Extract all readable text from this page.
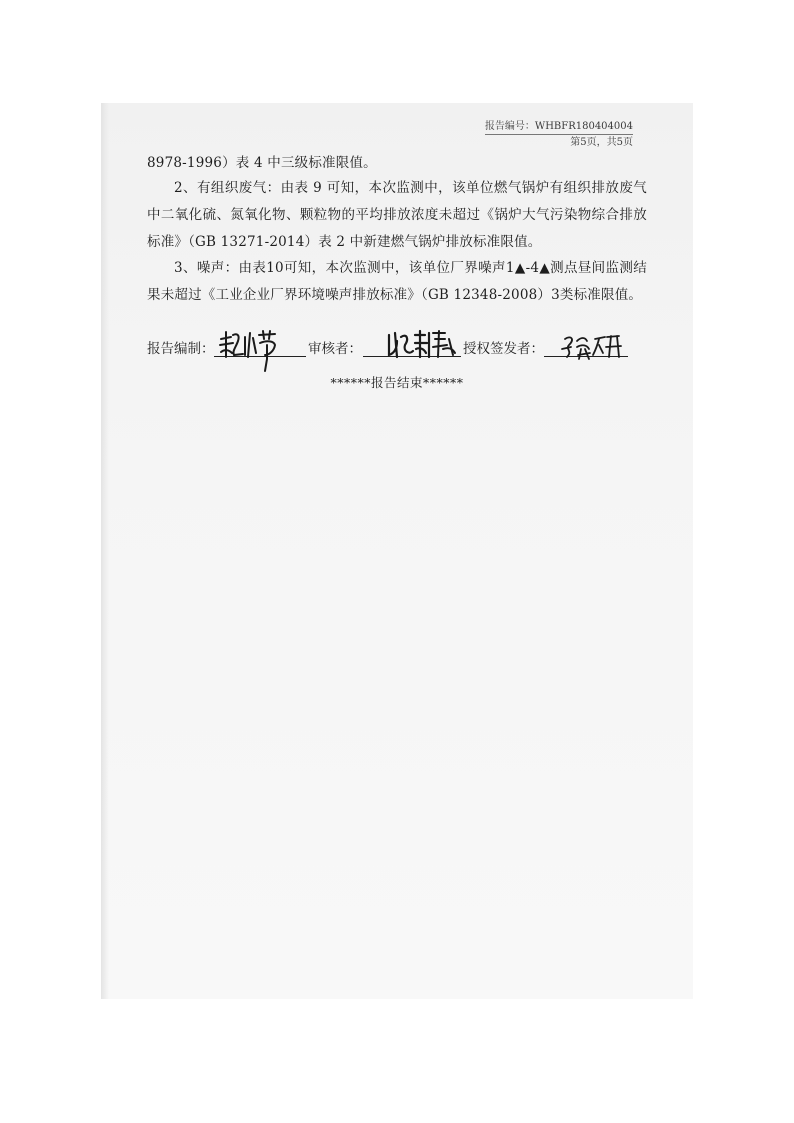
报告编号：WHBFR180404004
第5页，共5页

8978-1996）表 4 中三级标准限值。

2、有组织废气：由表 9 可知，本次监测中，该单位燃气锅炉有组织排放废气中二氧化硫、氮氧化物、颗粒物的平均排放浓度未超过《锅炉大气污染物综合排放标准》（GB 13271-2014）表 2 中新建燃气锅炉排放标准限值。

3、噪声：由表10可知，本次监测中，该单位厂界噪声1▲-4▲测点昼间监测结果未超过《工业企业厂界环境噪声排放标准》（GB 12348-2008）3类标准限值。

报告编制：	审核者：	授权签发者：
******报告结束******
